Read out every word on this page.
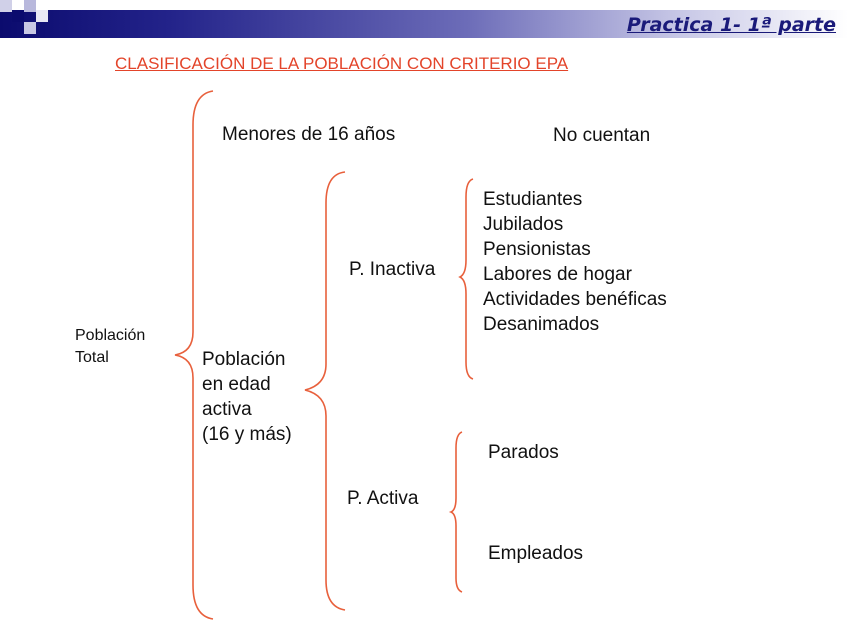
Practica 1- 1ª parte
CLASIFICACIÓN DE LA POBLACIÓN CON CRITERIO EPA
Población
Total
Menores de 16 años	No cuentan
Población
en edad
activa
(16 y más)
P. Inactiva
Estudiantes
Jubilados
Pensionistas
Labores de hogar
Actividades benéficas
Desanimados
P. Activa
Parados
Empleados
